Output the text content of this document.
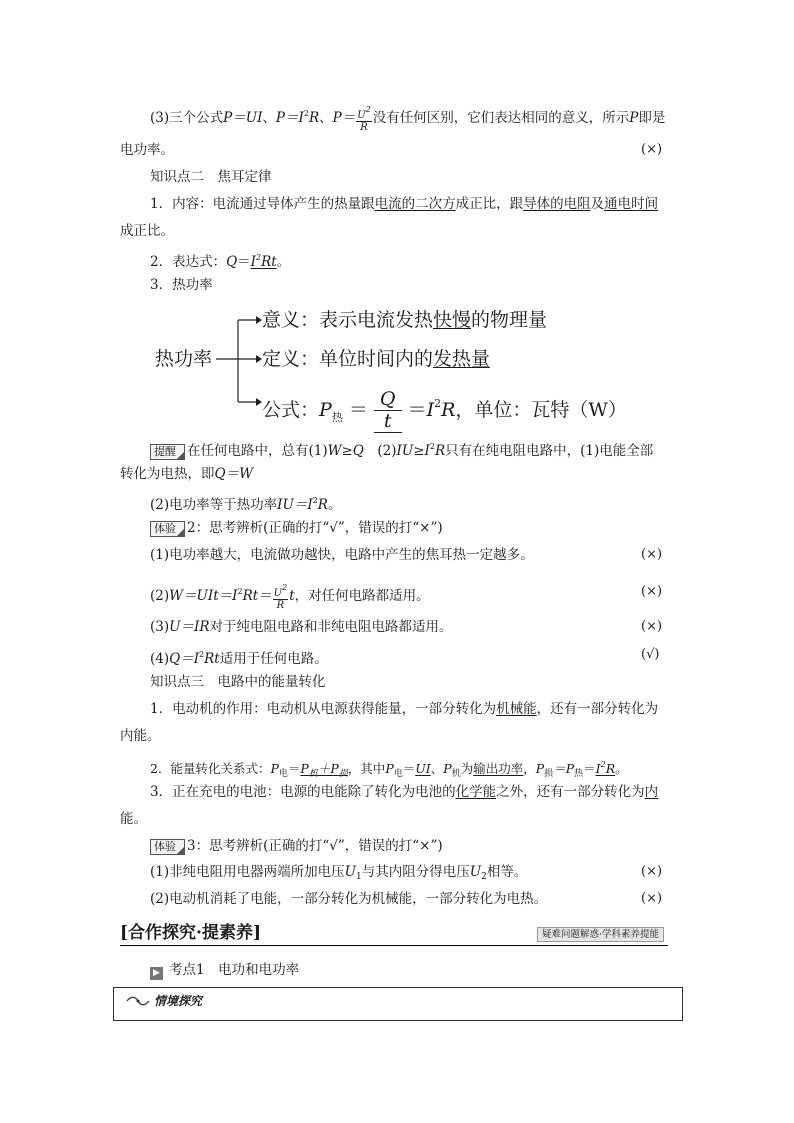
(3)三个公式P＝UI、$P=I^2R$、$P= \frac{U^2}{R}$ 没有任何区别，它们表达相同的意义，所示P即是
电功率。	(×)
知识点二　焦耳定律
1．内容：电流通过导体产生的热量跟电流的二次方成正比，跟导体的电阻及通电时间
成正比。
2．表达式：$Q=I^2Rt$。
3．热功率
热功率
意义：表示电流发热快慢的物理量
定义：单位时间内的发热量
公式：$P_热 = \frac{Q}{t} =I^2R$，单位：瓦特（W）
提醒 在任何电路中，总有(1)W≥Q　$(2)IU\ge I^2R$只有在纯电阻电路中，(1)电能全部
转化为电热，即Q＝W
(2)电功率等于热功率$IU=I^2R$。
体验 2：思考辨析(正确的打“√”，错误的打“×”)
(1)电功率越大，电流做功越快，电路中产生的焦耳热一定越多。	(×)
$(2)W=UIt=I^2Rt= \frac{U^2}{R}$ t，对任何电路都适用。	(×)
(3)U＝IR对于纯电阻电路和非纯电阻电路都适用。	(×)
$(4)Q=I^2Rt$适用于任何电路。	(√)
知识点三　电路中的能量转化
1．电动机的作用：电动机从电源获得能量，一部分转化为机械能，还有一部分转化为
内能。
2．能量转化关系式：$P_电=P_机+P_损$，其中$P_电=UI$、$P_机$为输出功率，$P_损=P_热=I^2R$。
3．正在充电的电池：电源的电能除了转化为电池的化学能之外，还有一部分转化为内
能。
体验 3：思考辨析(正确的打“√”，错误的打“×”)
(1)非纯电阻用电器两端所加电压$U_1$与其内阻分得电压$U_2$相等。	(×)
(2)电动机消耗了电能，一部分转化为机械能，一部分转化为电热。	(×)
[合作探究·提素养]	疑难问题解惑·学科素养提能
▶ 考点1　电功和电功率
情境探究
